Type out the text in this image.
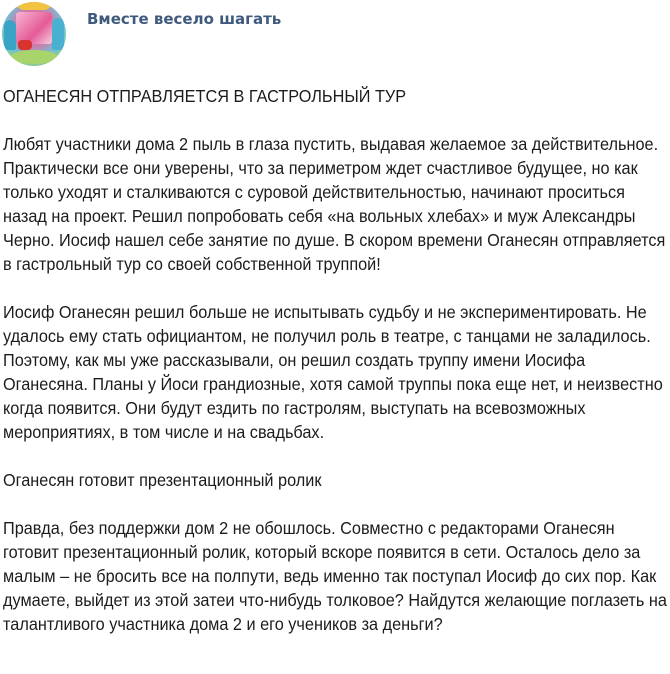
Вместе весело шагать

ОГАНЕСЯН ОТПРАВЛЯЕТСЯ В ГАСТРОЛЬНЫЙ ТУР

Любят участники дома 2 пыль в глаза пустить, выдавая желаемое за действительное. Практически все они уверены, что за периметром ждет счастливое будущее, но как только уходят и сталкиваются с суровой действительностью, начинают проситься назад на проект. Решил попробовать себя «на вольных хлебах» и муж Александры Черно. Иосиф нашел себе занятие по душе. В скором времени Оганесян отправляется в гастрольный тур со своей собственной труппой!

Иосиф Оганесян решил больше не испытывать судьбу и не экспериментировать. Не удалось ему стать официантом, не получил роль в театре, с танцами не заладилось. Поэтому, как мы уже рассказывали, он решил создать труппу имени Иосифа Оганесяна. Планы у Йоси грандиозные, хотя самой труппы пока еще нет, и неизвестно когда появится. Они будут ездить по гастролям, выступать на всевозможных мероприятиях, в том числе и на свадьбах.

Оганесян готовит презентационный ролик

Правда, без поддержки дом 2 не обошлось. Совместно с редакторами Оганесян готовит презентационный ролик, который вскоре появится в сети. Осталось дело за малым – не бросить все на полпути, ведь именно так поступал Иосиф до сих пор. Как думаете, выйдет из этой затеи что-нибудь толковое? Найдутся желающие поглазеть на талантливого участника дома 2 и его учеников за деньги?
